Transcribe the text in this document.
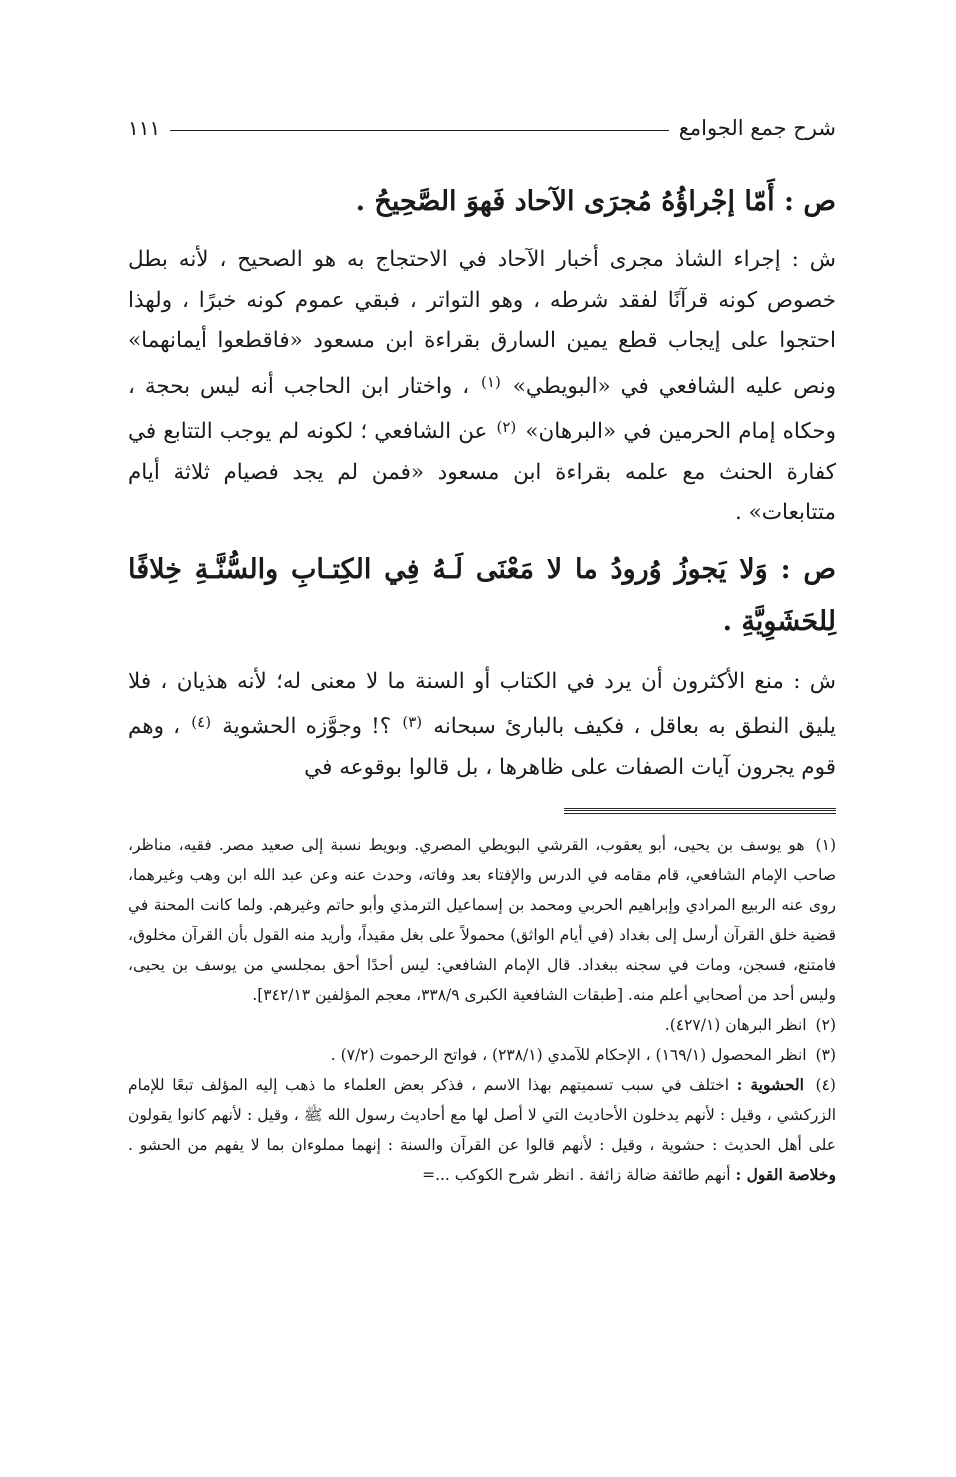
شرح جمع الجوامع
١١١

ص : أَمّا إجْراؤُهُ مُجرَى الآحاد فَهوَ الصَّحِيحُ .

ش : إجراء الشاذ مجرى أخبار الآحاد في الاحتجاج به هو الصحيح ، لأنه بطل خصوص كونه قرآنًا لفقد شرطه ، وهو التواتر ، فبقي عموم كونه خبرًا ، ولهذا احتجوا على إيجاب قطع يمين السارق بقراءة ابن مسعود «فاقطعوا أيمانهما» ونص عليه الشافعي في «البويطي» $^{(١)}$ ، واختار ابن الحاجب أنه ليس بحجة ، وحكاه إمام الحرمين في «البرهان» $^{(٢)}$ عن الشافعي ؛ لكونه لم يوجب التتابع في كفارة الحنث مع علمه بقراءة ابن مسعود «فمن لم يجد فصيام ثلاثة أيام متتابعات» .

ص : وَلا يَجوزُ وُرودُ ما لا مَعْنَى لَـهُ فِي الكِتـابِ والسُّنَّـةِ خِلافًا لِلحَشَوِيَّةِ .

ش : منع الأكثرون أن يرد في الكتاب أو السنة ما لا معنى له؛ لأنه هذيان ، فلا يليق النطق به بعاقل ، فكيف بالبارئ سبحانه $^{(٣)}$ ؟! وجوَّزه الحشوية $^{(٤)}$ ، وهم قوم يجرون آيات الصفات على ظاهرها ، بل قالوا بوقوعه في

(١) هو يوسف بن يحيى، أبو يعقوب، القرشي البويطي المصري. وبويط نسبة إلى صعيد مصر. فقيه، مناظر، صاحب الإمام الشافعي، قام مقامه في الدرس والإفتاء بعد وفاته، وحدث عنه وعن عبد الله ابن وهب وغيرهما، روى عنه الربيع المرادي وإبراهيم الحربي ومحمد بن إسماعيل الترمذي وأبو حاتم وغيرهم. ولما كانت المحنة في قضية خلق القرآن أرسل إلى بغداد (في أيام الواثق) محمولاً على بغل مقيداً، وأريد منه القول بأن القرآن مخلوق، فامتنع، فسجن، ومات في سجنه ببغداد. قال الإمام الشافعي: ليس أحدًا أحق بمجلسي من يوسف بن يحيى، وليس أحد من أصحابي أعلم منه. [طبقات الشافعية الكبرى ٣٣٨/٩، معجم المؤلفين ٣٤٢/١٣].

(٢) انظر البرهان (٤٢٧/١).

(٣) انظر المحصول (١٦٩/١) ، الإحكام للآمدي (٢٣٨/١) ، فواتح الرحموت (٧/٢) .

(٤) الحشوية : اختلف في سبب تسميتهم بهذا الاسم ، فذكر بعض العلماء ما ذهب إليه المؤلف تبعًا للإمام الزركشي ، وقيل : لأنهم يدخلون الأحاديث التي لا أصل لها مع أحاديث رسول الله ﷺ ، وقيل : لأنهم كانوا يقولون على أهل الحديث : حشوية ، وقيل : لأنهم قالوا عن القرآن والسنة : إنهما مملوءان بما لا يفهم من الحشو . وخلاصة القول : أنهم طائفة ضالة زائفة . انظر شرح الكوكب ...=
